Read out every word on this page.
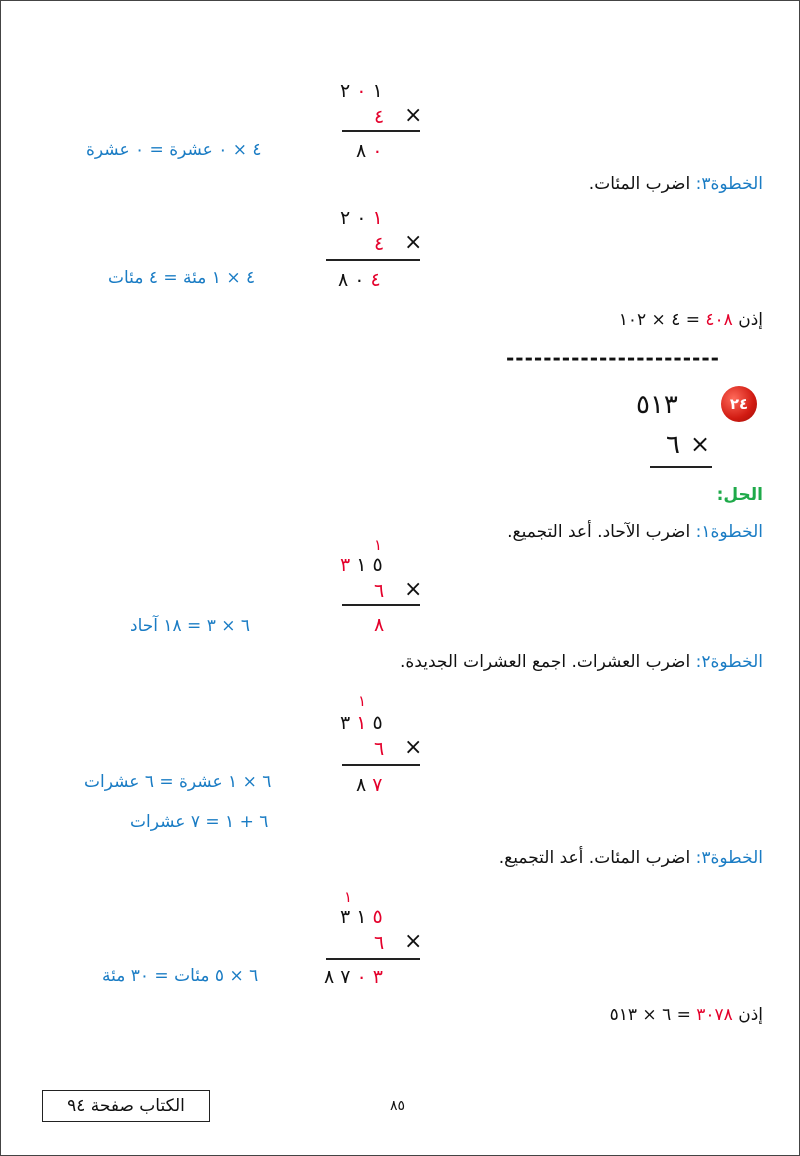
١ ٠ ٢
٤ ×
٠ ٨
٤ × ٠ عشرة = ٠ عشرة
الخطوة٣: اضرب المئات.
١ ٠ ٢
٤ ×
٤ ٠ ٨
٤ × ١ مئة = ٤ مئات
إذن ٤٠٨ = ٤ × ١٠٢
-----------------------
٢٤
٥١٣
٦ ×
الحل:
الخطوة١: اضرب الآحاد. أعد التجميع.
١
٥ ١ ٣
٦ ×
٨
٦ × ٣ = ١٨ آحاد
الخطوة٢: اضرب العشرات. اجمع العشرات الجديدة.
١
٥ ١ ٣
٦ ×
٧ ٨
٦ × ١ عشرة = ٦ عشرات
٦ + ١ = ٧ عشرات
الخطوة٣: اضرب المئات. أعد التجميع.
١
٥ ١ ٣
٦ ×
٣ ٠ ٧ ٨
٦ × ٥ مئات = ٣٠ مئة
إذن ٣٠٧٨ = ٦ × ٥١٣
الكتاب صفحة ٩٤	٨٥
